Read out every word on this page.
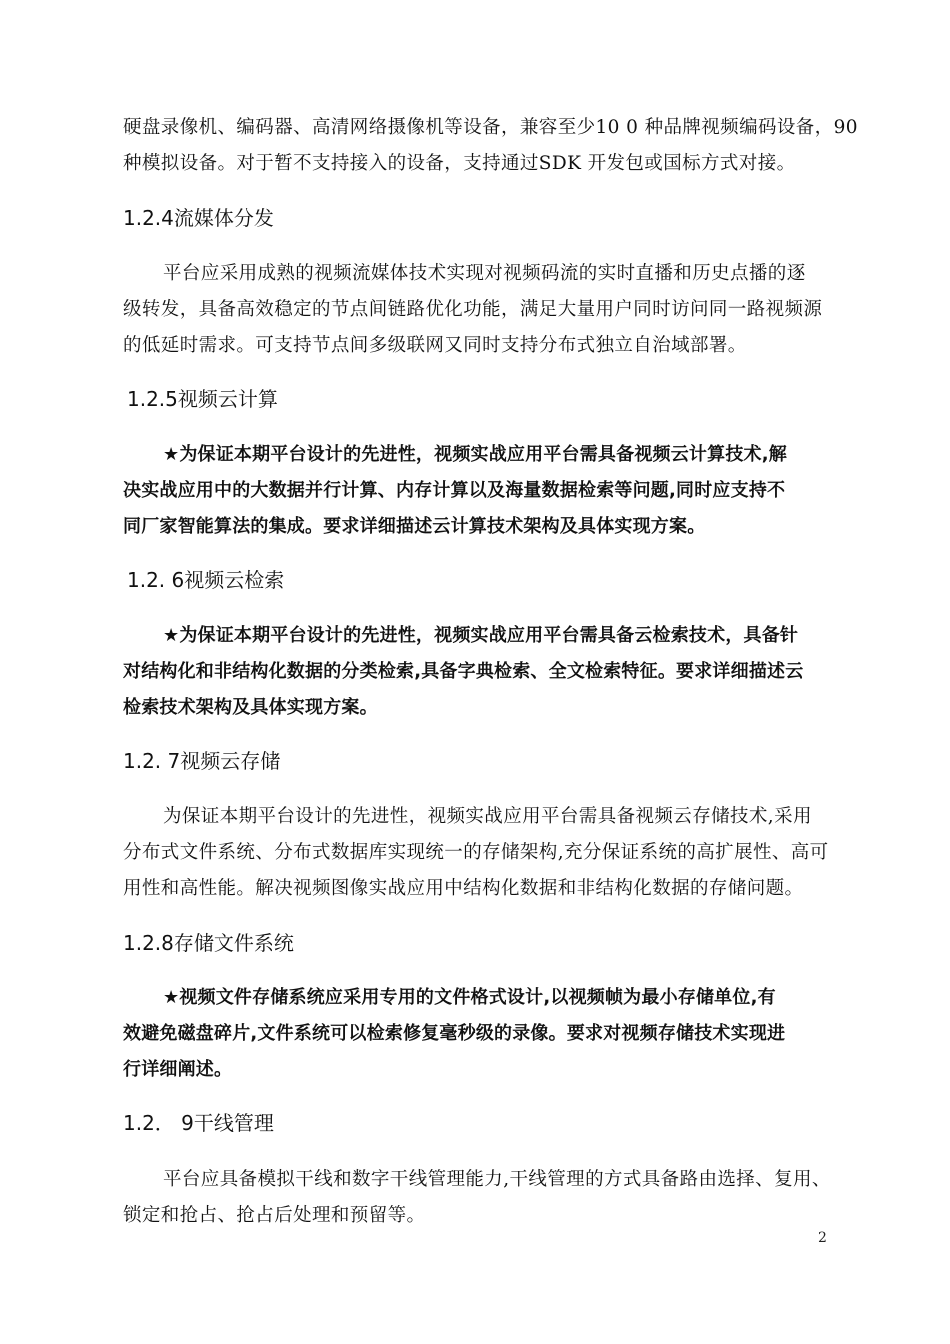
硬盘录像机、编码器、高清网络摄像机等设备，兼容至少10 0 种品牌视频编码设备，90
种模拟设备。对于暂不支持接入的设备，支持通过SDK 开发包或国标方式对接。
1.2.4流媒体分发
平台应采用成熟的视频流媒体技术实现对视频码流的实时直播和历史点播的逐
级转发，具备高效稳定的节点间链路优化功能，满足大量用户同时访问同一路视频源
的低延时需求。可支持节点间多级联网又同时支持分布式独立自治域部署。
1.2.5视频云计算
★为保证本期平台设计的先进性，视频实战应用平台需具备视频云计算技术,解
决实战应用中的大数据并行计算、内存计算以及海量数据检索等问题,同时应支持不
同厂家智能算法的集成。要求详细描述云计算技术架构及具体实现方案。
1.2. 6视频云检索
★为保证本期平台设计的先进性，视频实战应用平台需具备云检索技术，具备针
对结构化和非结构化数据的分类检索,具备字典检索、全文检索特征。要求详细描述云
检索技术架构及具体实现方案。
1.2. 7视频云存储
为保证本期平台设计的先进性，视频实战应用平台需具备视频云存储技术,采用
分布式文件系统、分布式数据库实现统一的存储架构,充分保证系统的高扩展性、高可
用性和高性能。解决视频图像实战应用中结构化数据和非结构化数据的存储问题。
1.2.8存储文件系统
★视频文件存储系统应采用专用的文件格式设计,以视频帧为最小存储单位,有
效避免磁盘碎片,文件系统可以检索修复毫秒级的录像。要求对视频存储技术实现进
行详细阐述。
1.2． 9干线管理
平台应具备模拟干线和数字干线管理能力,干线管理的方式具备路由选择、复用、
锁定和抢占、抢占后处理和预留等。
2
